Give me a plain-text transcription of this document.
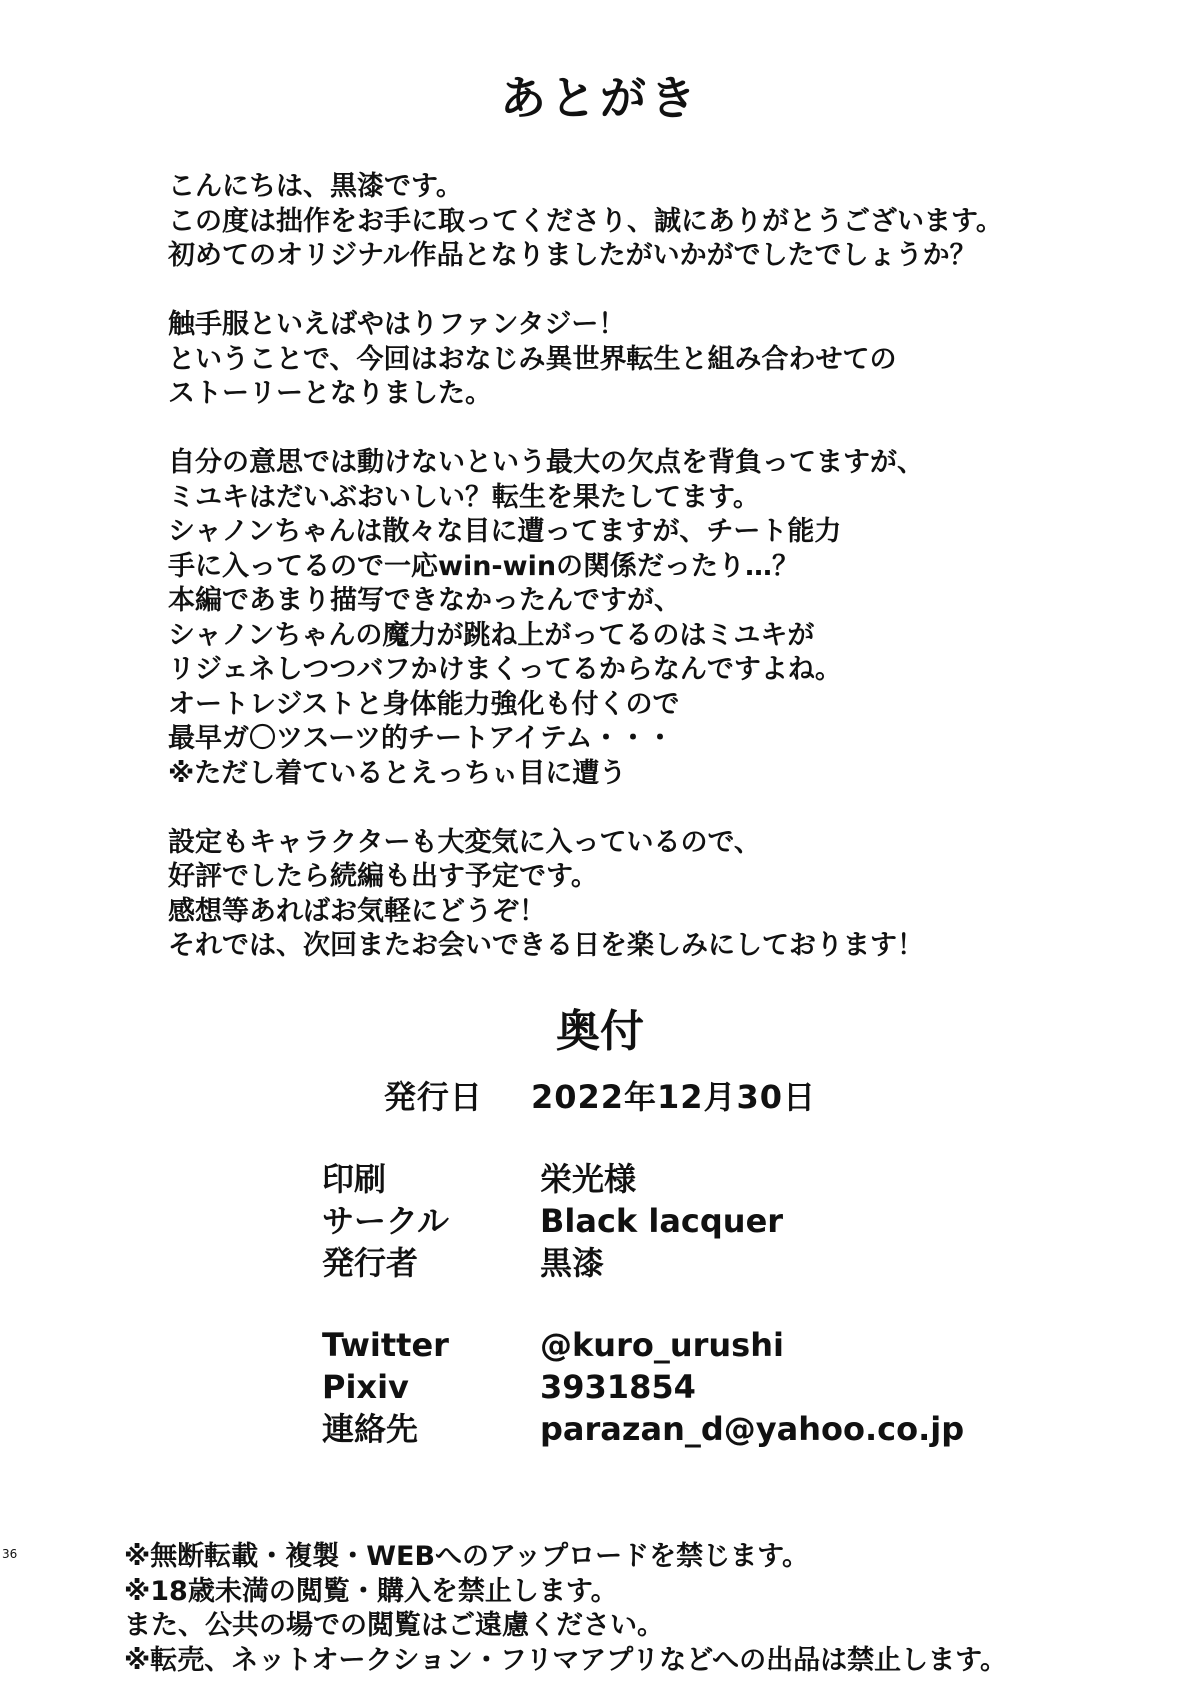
あとがき
こんにちは、黒漆です。
この度は拙作をお手に取ってくださり、誠にありがとうございます。
初めてのオリジナル作品となりましたがいかがでしたでしょうか？
触手服といえばやはりファンタジー！
ということで、今回はおなじみ異世界転生と組み合わせての
ストーリーとなりました。
自分の意思では動けないという最大の欠点を背負ってますが、
ミユキはだいぶおいしい？転生を果たしてます。
シャノンちゃんは散々な目に遭ってますが、チート能力
手に入ってるので一応win-winの関係だったり…？
本編であまり描写できなかったんですが、
シャノンちゃんの魔力が跳ね上がってるのはミユキが
リジェネしつつバフかけまくってるからなんですよね。
オートレジストと身体能力強化も付くので
最早ガ〇ツスーツ的チートアイテム・・・
※ただし着ているとえっちぃ目に遭う
設定もキャラクターも大変気に入っているので、
好評でしたら続編も出す予定です。
感想等あればお気軽にどうぞ！
それでは、次回またお会いできる日を楽しみにしております！
奥付
発行日 2022年12月30日
印刷	栄光様
サークル	Black lacquer
発行者	黒漆
Twitter	@kuro_urushi
Pixiv	3931854
連絡先	parazan_d@yahoo.co.jp
36	※無断転載・複製・WEBへのアップロードを禁じます。
※18歳未満の閲覧・購入を禁止します。
また、公共の場での閲覧はご遠慮ください。
※転売、ネットオークション・フリマアプリなどへの出品は禁止します。
